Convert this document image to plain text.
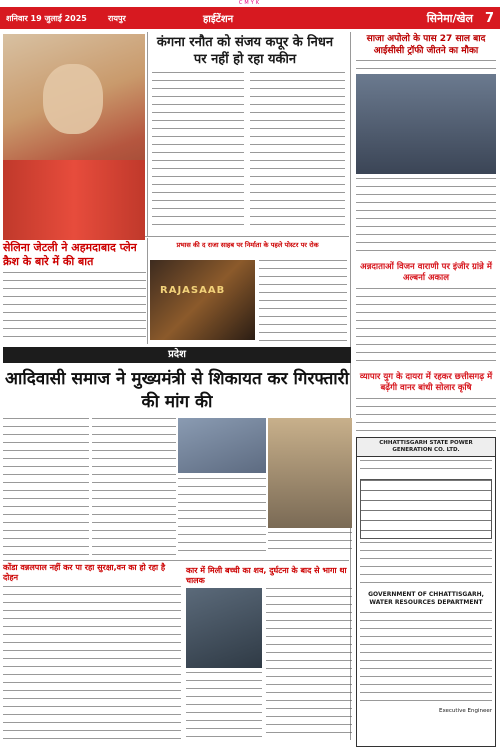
CMYK
शनिवार 19 जुलाई 2025	रायपुर	हाईटेंशन	सिनेमा/खेल 7
कंगना रनौत को संजय कपूर के निधन पर नहीं हो रहा यकीन
साजा अपोलो के पास 27 साल बाद आईसीसी ट्रॉफी जीतने का मौका
अन्नदाताओं विजन वाराणी पर इंजीर ग्रांन्ने में अल्बर्ना अकाल
व्यापार युग के दायरा में रहकर छत्तीसगढ़ में बढ़ेंगी वानर बांधी सोलार कृषि
सेलिना जेटली ने अहमदाबाद प्लेन क्रैश के बारे में की बात
प्रभास की द राजा साहब पर निर्माता के पहले पोस्टर पर रोक
RAJASAAB
प्रदेश
आदिवासी समाज ने मुख्यमंत्री से शिकायत कर गिरफ्तारी की मांग की
कोंडा वन्नलपाल नहीं कर पा रहा सुरक्षा,वन का हो रहा है दोहन
कार में मिली बच्ची का शव, दुर्घटना के बाद से भागा था चालक
CHHATTISGARH STATE POWER GENERATION CO. LTD.
GOVERNMENT OF CHHATTISGARH, WATER RESOURCES DEPARTMENT
Executive Engineer
